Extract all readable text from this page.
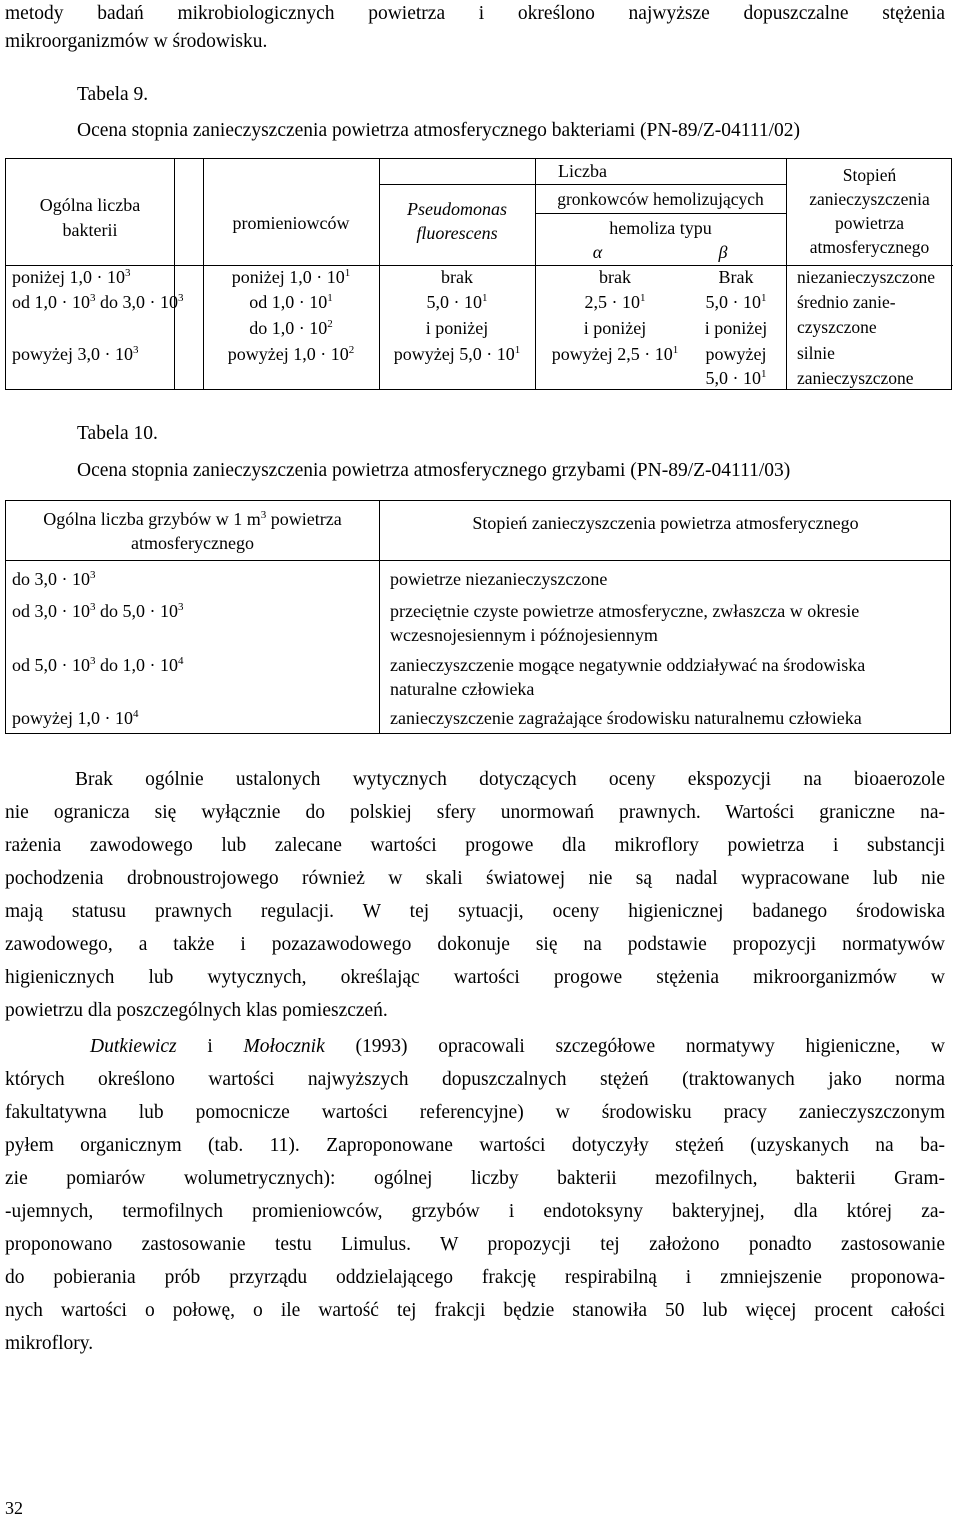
metody badań mikrobiologicznych powietrza i określono najwyższe dopuszczalne stężenia
mikroorganizmów w środowisku.
Tabela 9.
Ocena stopnia zanieczyszczenia powietrza atmosferycznego bakteriami (PN-89/Z-04111/02)
Ogólna liczba
bakterii
Liczba
promieniowców
Pseudomonas
fluorescens
gronkowców hemolizujących
hemoliza typu
α	β
Stopień
zanieczyszczenia
powietrza
atmosferycznego
poniżej $1,0 \cdot 10^3$
od $1,0 \cdot 10^3$ do $3,0 \cdot 10^3$
powyżej $3,0 \cdot 10^3$
poniżej $1,0 \cdot 10^1$
od $1,0 \cdot 10^1$
do $1,0 \cdot 10^2$
powyżej $1,0 \cdot 10^2$
brak
$5,0 \cdot 10^1$
i poniżej
powyżej $5,0 \cdot 10^1$
brak
$2,5 \cdot 10^1$
i poniżej
powyżej $2,5 \cdot 10^1$
Brak
$5,0 \cdot 10^1$
i poniżej
powyżej
$5,0 \cdot 10^1$
niezanieczyszczone
średnio zanie-
czyszczone
silnie
zanieczyszczone
Tabela 10.
Ocena stopnia zanieczyszczenia powietrza atmosferycznego grzybami (PN-89/Z-04111/03)
Ogólna liczba grzybów w 1 $m^3$ powietrza
atmosferycznego
Stopień zanieczyszczenia powietrza atmosferycznego
do $3,0 \cdot 10^3$
od $3,0 \cdot 10^3$ do $5,0 \cdot 10^3$
od $5,0 \cdot 10^3$ do $1,0 \cdot 10^4$
powyżej $1,0 \cdot 10^4$
powietrze niezanieczyszczone
przeciętnie czyste powietrze atmosferyczne, zwłaszcza w okresie
wczesnojesiennym i późnojesiennym
zanieczyszczenie mogące negatywnie oddziaływać na środowiska
naturalne człowieka
zanieczyszczenie zagrażające środowisku naturalnemu człowieka
Brak ogólnie ustalonych wytycznych dotyczących oceny ekspozycji na bioaerozole
nie ogranicza się wyłącznie do polskiej sfery unormowań prawnych. Wartości graniczne na-
rażenia zawodowego lub zalecane wartości progowe dla mikroflory powietrza i substancji
pochodzenia drobnoustrojowego również w skali światowej nie są nadal wypracowane lub nie
mają statusu prawnych regulacji. W tej sytuacji, oceny higienicznej badanego środowiska
zawodowego, a także i pozazawodowego dokonuje się na podstawie propozycji normatywów
higienicznych lub wytycznych, określając wartości progowe stężenia mikroorganizmów w
powietrzu dla poszczególnych klas pomieszczeń.
Dutkiewicz i Mołocznik (1993) opracowali szczegółowe normatywy higieniczne, w
których określono wartości najwyższych dopuszczalnych stężeń (traktowanych jako norma
fakultatywna lub pomocnicze wartości referencyjne) w środowisku pracy zanieczyszczonym
pyłem organicznym (tab. 11). Zaproponowane wartości dotyczyły stężeń (uzyskanych na ba-
zie pomiarów wolumetrycznych): ogólnej liczby bakterii mezofilnych, bakterii Gram-
-ujemnych, termofilnych promieniowców, grzybów i endotoksyny bakteryjnej, dla której za-
proponowano zastosowanie testu Limulus. W propozycji tej założono ponadto zastosowanie
do pobierania prób przyrządu oddzielającego frakcję respirabilną i zmniejszenie proponowa-
nych wartości o połowę, o ile wartość tej frakcji będzie stanowiła 50 lub więcej procent całości
mikroflory.
32
